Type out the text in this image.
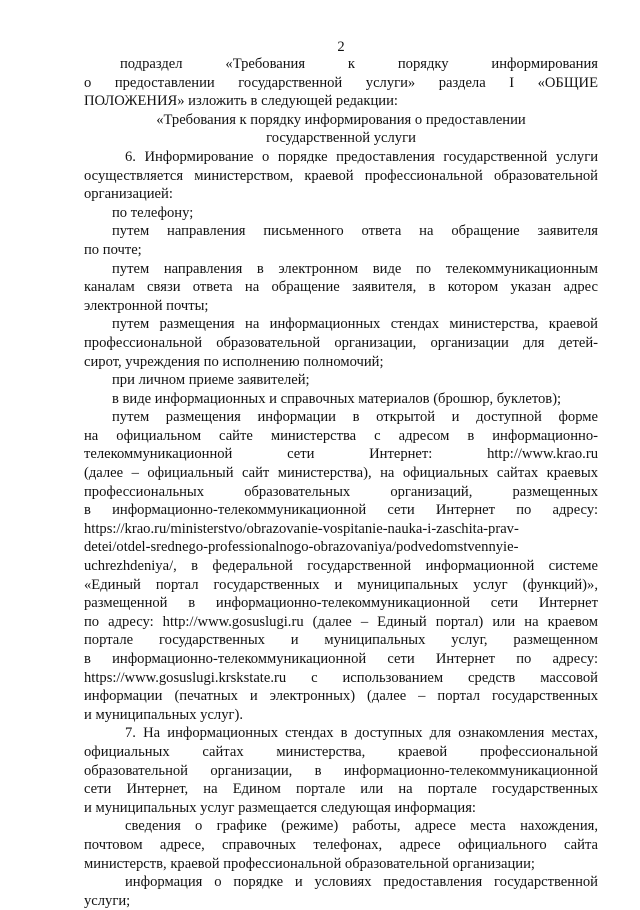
2
подраздел «Требования к порядку информирования
о предоставлении государственной услуги» раздела I «ОБЩИЕ
ПОЛОЖЕНИЯ» изложить в следующей редакции:
«Требования к порядку информирования о предоставлении
государственной услуги
6. Информирование о порядке предоставления государственной услуги
осуществляется министерством, краевой профессиональной образовательной
организацией:
по телефону;
путем направления письменного ответа на обращение заявителя
по почте;
путем направления в электронном виде по телекоммуникационным
каналам связи ответа на обращение заявителя, в котором указан адрес
электронной почты;
путем размещения на информационных стендах министерства, краевой
профессиональной образовательной организации, организации для детей-
сирот, учреждения по исполнению полномочий;
при личном приеме заявителей;
в виде информационных и справочных материалов (брошюр, буклетов);
путем размещения информации в открытой и доступной форме
на официальном сайте министерства с адресом в информационно-
телекоммуникационной сети Интернет: http://www.krao.ru
(далее – официальный сайт министерства), на официальных сайтах краевых
профессиональных образовательных организаций, размещенных
в информационно-телекоммуникационной сети Интернет по адресу:
https://krao.ru/ministerstvo/obrazovanie-vospitanie-nauka-i-zaschita-prav-
detei/otdel-srednego-professionalnogo-obrazovaniya/podvedomstvennyie-
uchrezhdeniya/, в федеральной государственной информационной системе
«Единый портал государственных и муниципальных услуг (функций)»,
размещенной в информационно-телекоммуникационной сети Интернет
по адресу: http://www.gosuslugi.ru (далее – Единый портал) или на краевом
портале государственных и муниципальных услуг, размещенном
в информационно-телекоммуникационной сети Интернет по адресу:
https://www.gosuslugi.krskstate.ru с использованием средств массовой
информации (печатных и электронных) (далее – портал государственных
и муниципальных услуг).
7. На информационных стендах в доступных для ознакомления местах,
официальных сайтах министерства, краевой профессиональной
образовательной организации, в информационно-телекоммуникационной
сети Интернет, на Едином портале или на портале государственных
и муниципальных услуг размещается следующая информация:
сведения о графике (режиме) работы, адресе места нахождения,
почтовом адресе, справочных телефонах, адресе официального сайта
министерств, краевой профессиональной образовательной организации;
информация о порядке и условиях предоставления государственной
услуги;
